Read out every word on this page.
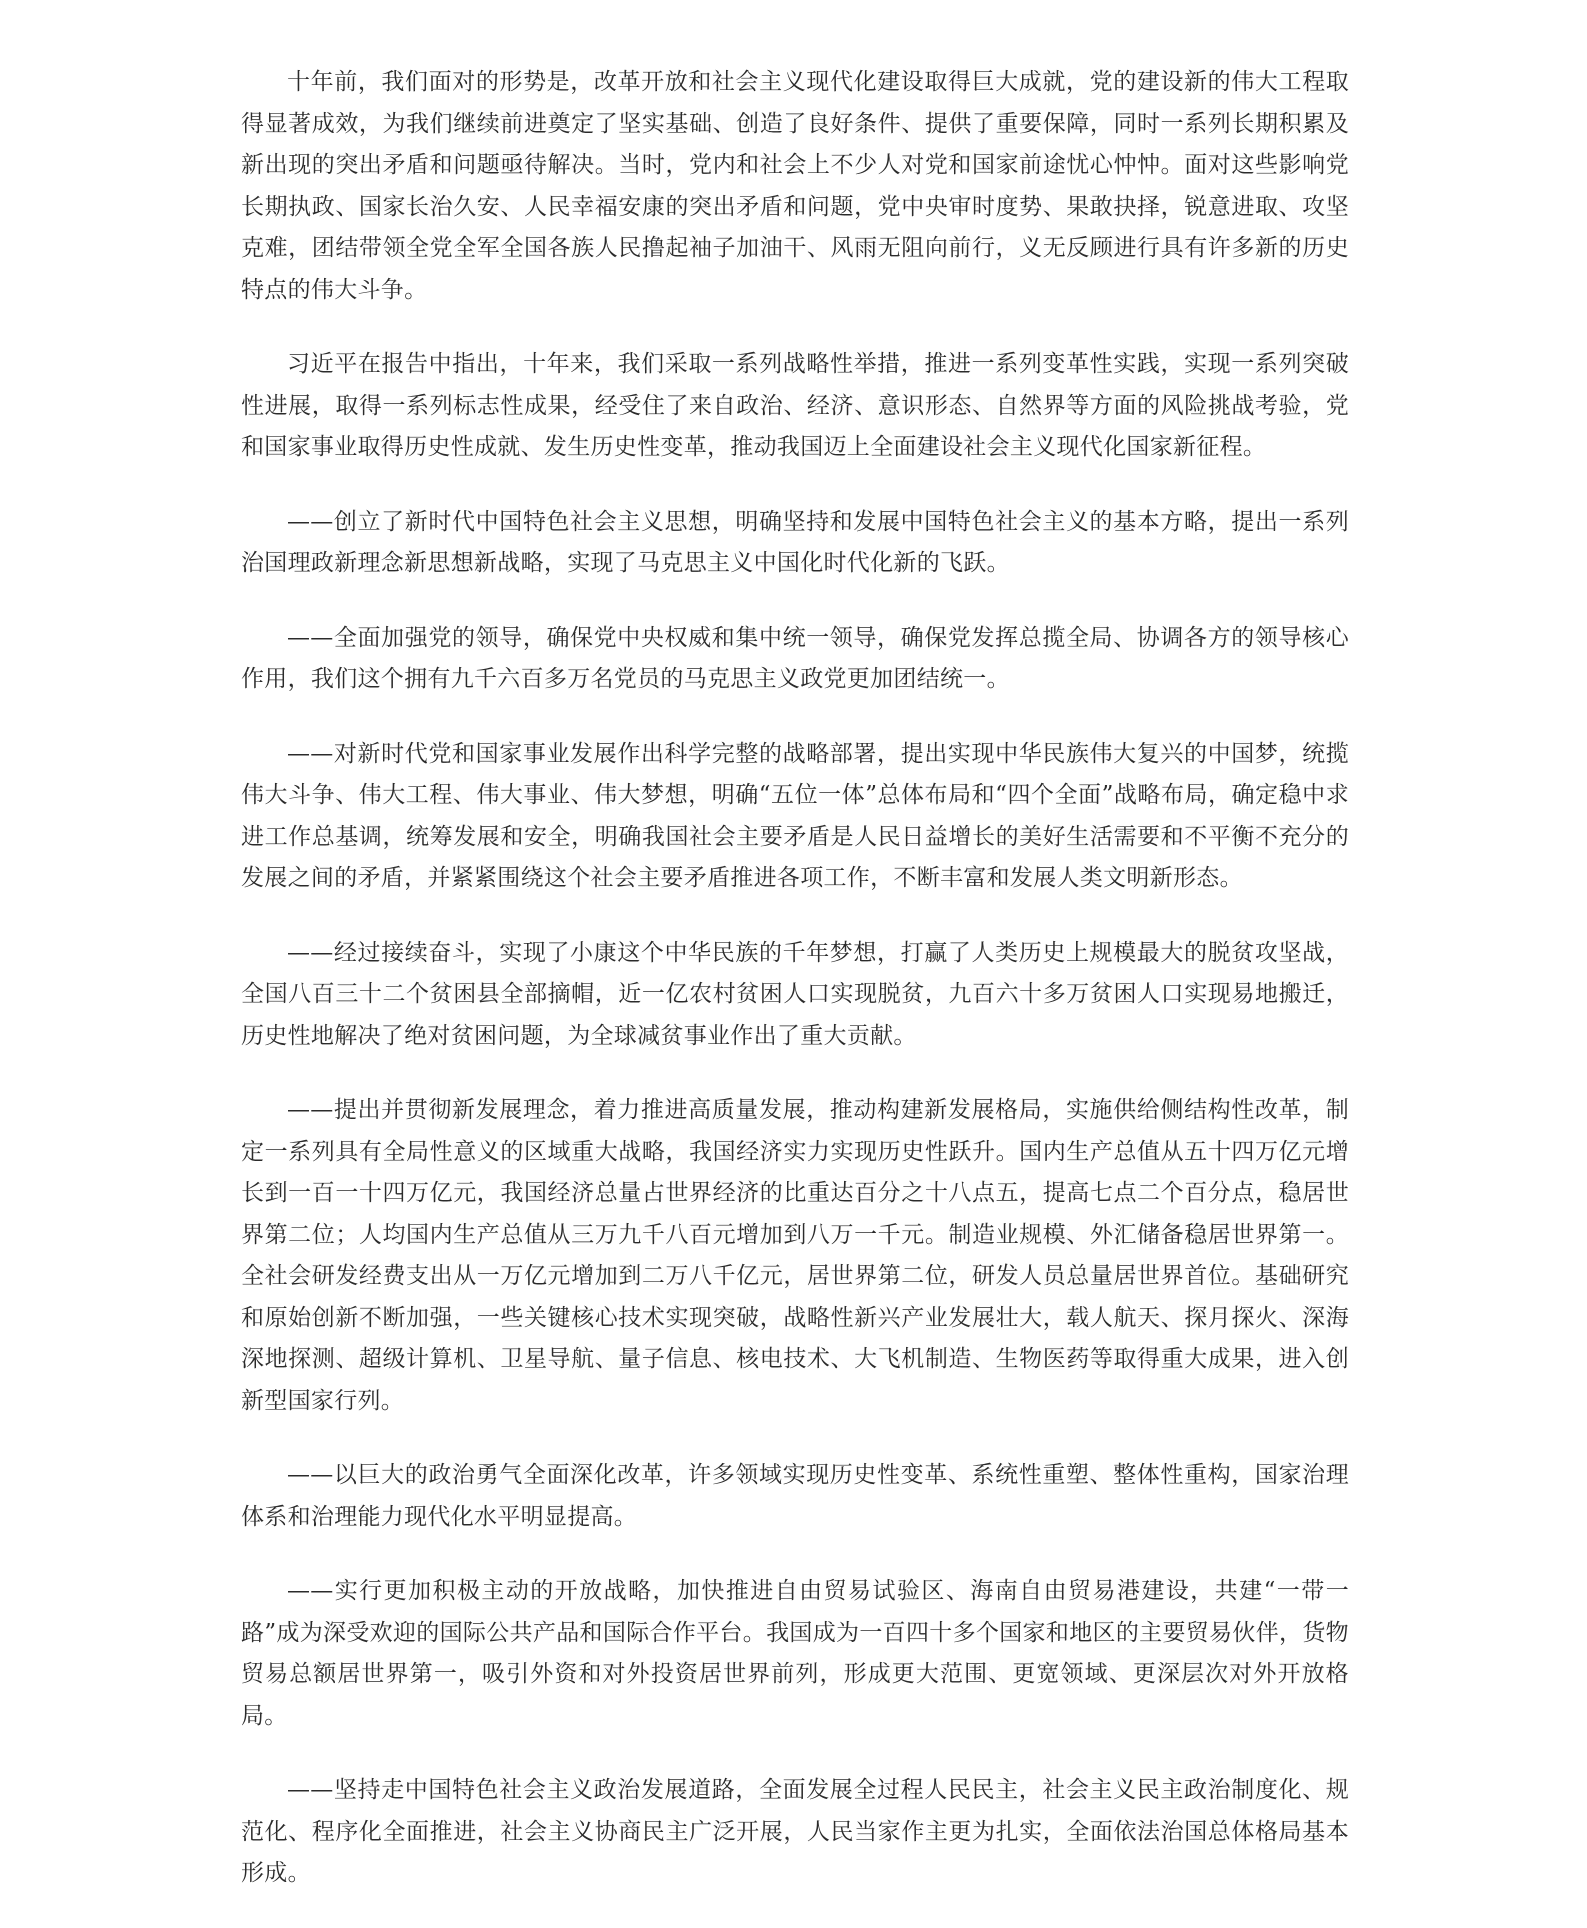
十年前，我们面对的形势是，改革开放和社会主义现代化建设取得巨大成就，党的建设新的伟大工程取得显著成效，为我们继续前进奠定了坚实基础、创造了良好条件、提供了重要保障，同时一系列长期积累及新出现的突出矛盾和问题亟待解决。当时，党内和社会上不少人对党和国家前途忧心忡忡。面对这些影响党长期执政、国家长治久安、人民幸福安康的突出矛盾和问题，党中央审时度势、果敢抉择，锐意进取、攻坚克难，团结带领全党全军全国各族人民撸起袖子加油干、风雨无阻向前行，义无反顾进行具有许多新的历史特点的伟大斗争。

习近平在报告中指出，十年来，我们采取一系列战略性举措，推进一系列变革性实践，实现一系列突破性进展，取得一系列标志性成果，经受住了来自政治、经济、意识形态、自然界等方面的风险挑战考验，党和国家事业取得历史性成就、发生历史性变革，推动我国迈上全面建设社会主义现代化国家新征程。

——创立了新时代中国特色社会主义思想，明确坚持和发展中国特色社会主义的基本方略，提出一系列治国理政新理念新思想新战略，实现了马克思主义中国化时代化新的飞跃。

——全面加强党的领导，确保党中央权威和集中统一领导，确保党发挥总揽全局、协调各方的领导核心作用，我们这个拥有九千六百多万名党员的马克思主义政党更加团结统一。

——对新时代党和国家事业发展作出科学完整的战略部署，提出实现中华民族伟大复兴的中国梦，统揽伟大斗争、伟大工程、伟大事业、伟大梦想，明确“五位一体”总体布局和“四个全面”战略布局，确定稳中求进工作总基调，统筹发展和安全，明确我国社会主要矛盾是人民日益增长的美好生活需要和不平衡不充分的发展之间的矛盾，并紧紧围绕这个社会主要矛盾推进各项工作，不断丰富和发展人类文明新形态。

——经过接续奋斗，实现了小康这个中华民族的千年梦想，打赢了人类历史上规模最大的脱贫攻坚战，全国八百三十二个贫困县全部摘帽，近一亿农村贫困人口实现脱贫，九百六十多万贫困人口实现易地搬迁，历史性地解决了绝对贫困问题，为全球减贫事业作出了重大贡献。

——提出并贯彻新发展理念，着力推进高质量发展，推动构建新发展格局，实施供给侧结构性改革，制定一系列具有全局性意义的区域重大战略，我国经济实力实现历史性跃升。国内生产总值从五十四万亿元增长到一百一十四万亿元，我国经济总量占世界经济的比重达百分之十八点五，提高七点二个百分点，稳居世界第二位；人均国内生产总值从三万九千八百元增加到八万一千元。制造业规模、外汇储备稳居世界第一。全社会研发经费支出从一万亿元增加到二万八千亿元，居世界第二位，研发人员总量居世界首位。基础研究和原始创新不断加强，一些关键核心技术实现突破，战略性新兴产业发展壮大，载人航天、探月探火、深海深地探测、超级计算机、卫星导航、量子信息、核电技术、大飞机制造、生物医药等取得重大成果，进入创新型国家行列。

——以巨大的政治勇气全面深化改革，许多领域实现历史性变革、系统性重塑、整体性重构，国家治理体系和治理能力现代化水平明显提高。

——实行更加积极主动的开放战略，加快推进自由贸易试验区、海南自由贸易港建设，共建“一带一路”成为深受欢迎的国际公共产品和国际合作平台。我国成为一百四十多个国家和地区的主要贸易伙伴，货物贸易总额居世界第一，吸引外资和对外投资居世界前列，形成更大范围、更宽领域、更深层次对外开放格局。

——坚持走中国特色社会主义政治发展道路，全面发展全过程人民民主，社会主义民主政治制度化、规范化、程序化全面推进，社会主义协商民主广泛开展，人民当家作主更为扎实，全面依法治国总体格局基本形成。
